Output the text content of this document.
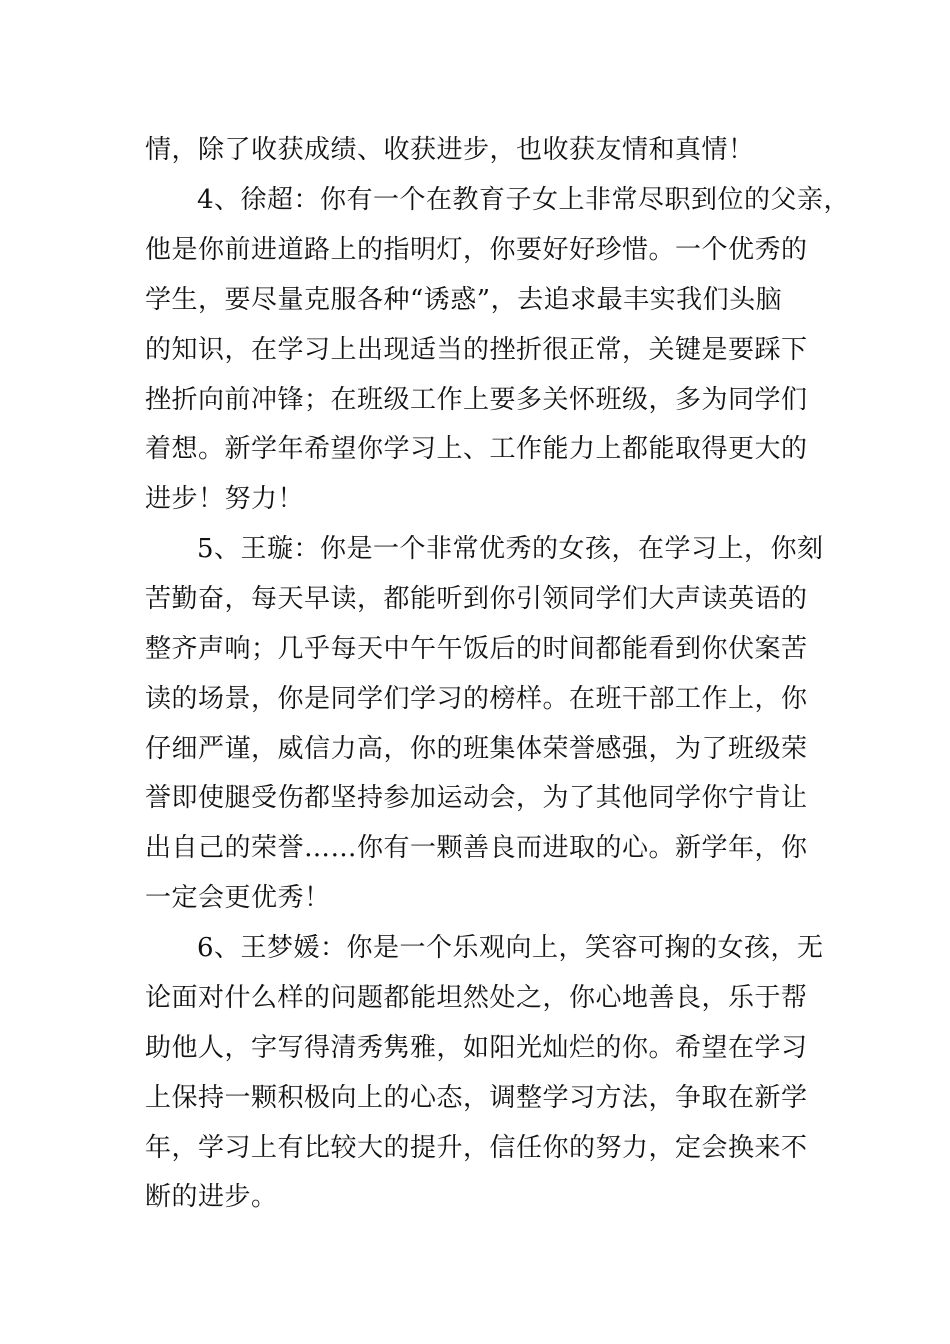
情，除了收获成绩、收获进步，也收获友情和真情！
4、徐超：你有一个在教育子女上非常尽职到位的父亲，
他是你前进道路上的指明灯，你要好好珍惜。一个优秀的
学生，要尽量克服各种“诱惑”，去追求最丰实我们头脑
的知识，在学习上出现适当的挫折很正常，关键是要踩下
挫折向前冲锋；在班级工作上要多关怀班级，多为同学们
着想。新学年希望你学习上、工作能力上都能取得更大的
进步！努力！
5、王璇：你是一个非常优秀的女孩，在学习上，你刻
苦勤奋，每天早读，都能听到你引领同学们大声读英语的
整齐声响；几乎每天中午午饭后的时间都能看到你伏案苦
读的场景，你是同学们学习的榜样。在班干部工作上，你
仔细严谨，威信力高，你的班集体荣誉感强，为了班级荣
誉即使腿受伤都坚持参加运动会，为了其他同学你宁肯让
出自己的荣誉……你有一颗善良而进取的心。新学年，你
一定会更优秀！
6、王梦媛：你是一个乐观向上，笑容可掬的女孩，无
论面对什么样的问题都能坦然处之，你心地善良，乐于帮
助他人，字写得清秀隽雅，如阳光灿烂的你。希望在学习
上保持一颗积极向上的心态，调整学习方法，争取在新学
年，学习上有比较大的提升，信任你的努力，定会换来不
断的进步。
